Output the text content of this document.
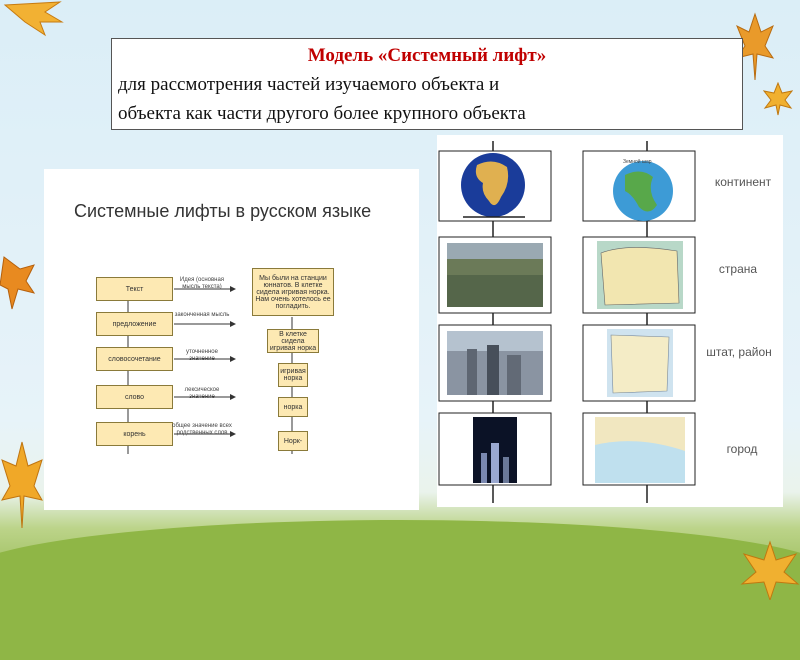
Модель «Системный лифт»
для рассмотрения частей изучаемого объекта и
объекта как части другого более крупного объекта
Системные лифты в русском языке
Текст
предложение
словосочетание
слово
корень
Идея (основная мысль текста)
законченная мысль
уточненное значение
лексическое значение
общее значение всех родственных слов
Мы были на станции юннатов. В клетке сидела игривая норка. Нам очень хотелось ее погладить.
В клетке сидела игривая норка
игривая норка
норка
Норк-
Земной шар
континент
страна
штат, район
город
